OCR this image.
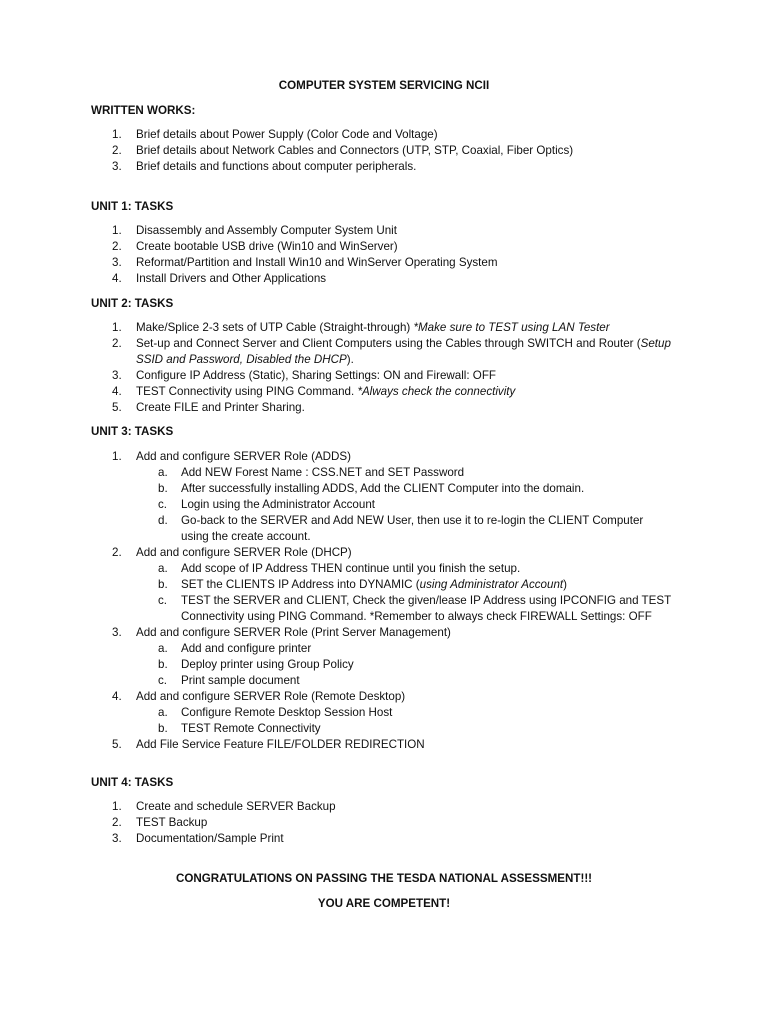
COMPUTER SYSTEM SERVICING NCII
WRITTEN WORKS:
1.	Brief details about Power Supply (Color Code and Voltage)
2.	Brief details about Network Cables and Connectors (UTP, STP, Coaxial, Fiber Optics)
3.	Brief details and functions about computer peripherals.
UNIT 1: TASKS
1.	Disassembly and Assembly Computer System Unit
2.	Create bootable USB drive (Win10 and WinServer)
3.	Reformat/Partition and Install Win10 and WinServer Operating System
4.	Install Drivers and Other Applications
UNIT 2: TASKS
1.	Make/Splice 2-3 sets of UTP Cable (Straight-through) *Make sure to TEST using LAN Tester
2.	Set-up and Connect Server and Client Computers using the Cables through SWITCH and Router (Setup SSID and Password, Disabled the DHCP).
3.	Configure IP Address (Static), Sharing Settings: ON and Firewall: OFF
4.	TEST Connectivity using PING Command. *Always check the connectivity
5.	Create FILE and Printer Sharing.
UNIT 3: TASKS
1.	Add and configure SERVER Role (ADDS)
a.	Add NEW Forest Name : CSS.NET and SET Password
b.	After successfully installing ADDS, Add the CLIENT Computer into the domain.
c.	Login using the Administrator Account
d.	Go-back to the SERVER and Add NEW User, then use it to re-login the CLIENT Computer using the create account.
2.	Add and configure SERVER Role (DHCP)
a.	Add scope of IP Address THEN continue until you finish the setup.
b.	SET the CLIENTS IP Address into DYNAMIC (using Administrator Account)
c.	TEST the SERVER and CLIENT, Check the given/lease IP Address using IPCONFIG and TEST Connectivity using PING Command. *Remember to always check FIREWALL Settings: OFF
3.	Add and configure SERVER Role (Print Server Management)
a.	Add and configure printer
b.	Deploy printer using Group Policy
c.	Print sample document
4.	Add and configure SERVER Role (Remote Desktop)
a.	Configure Remote Desktop Session Host
b.	TEST Remote Connectivity
5.	Add File Service Feature FILE/FOLDER REDIRECTION
UNIT 4: TASKS
1.	Create and schedule SERVER Backup
2.	TEST Backup
3.	Documentation/Sample Print
CONGRATULATIONS ON PASSING THE TESDA NATIONAL ASSESSMENT!!!
YOU ARE COMPETENT!
